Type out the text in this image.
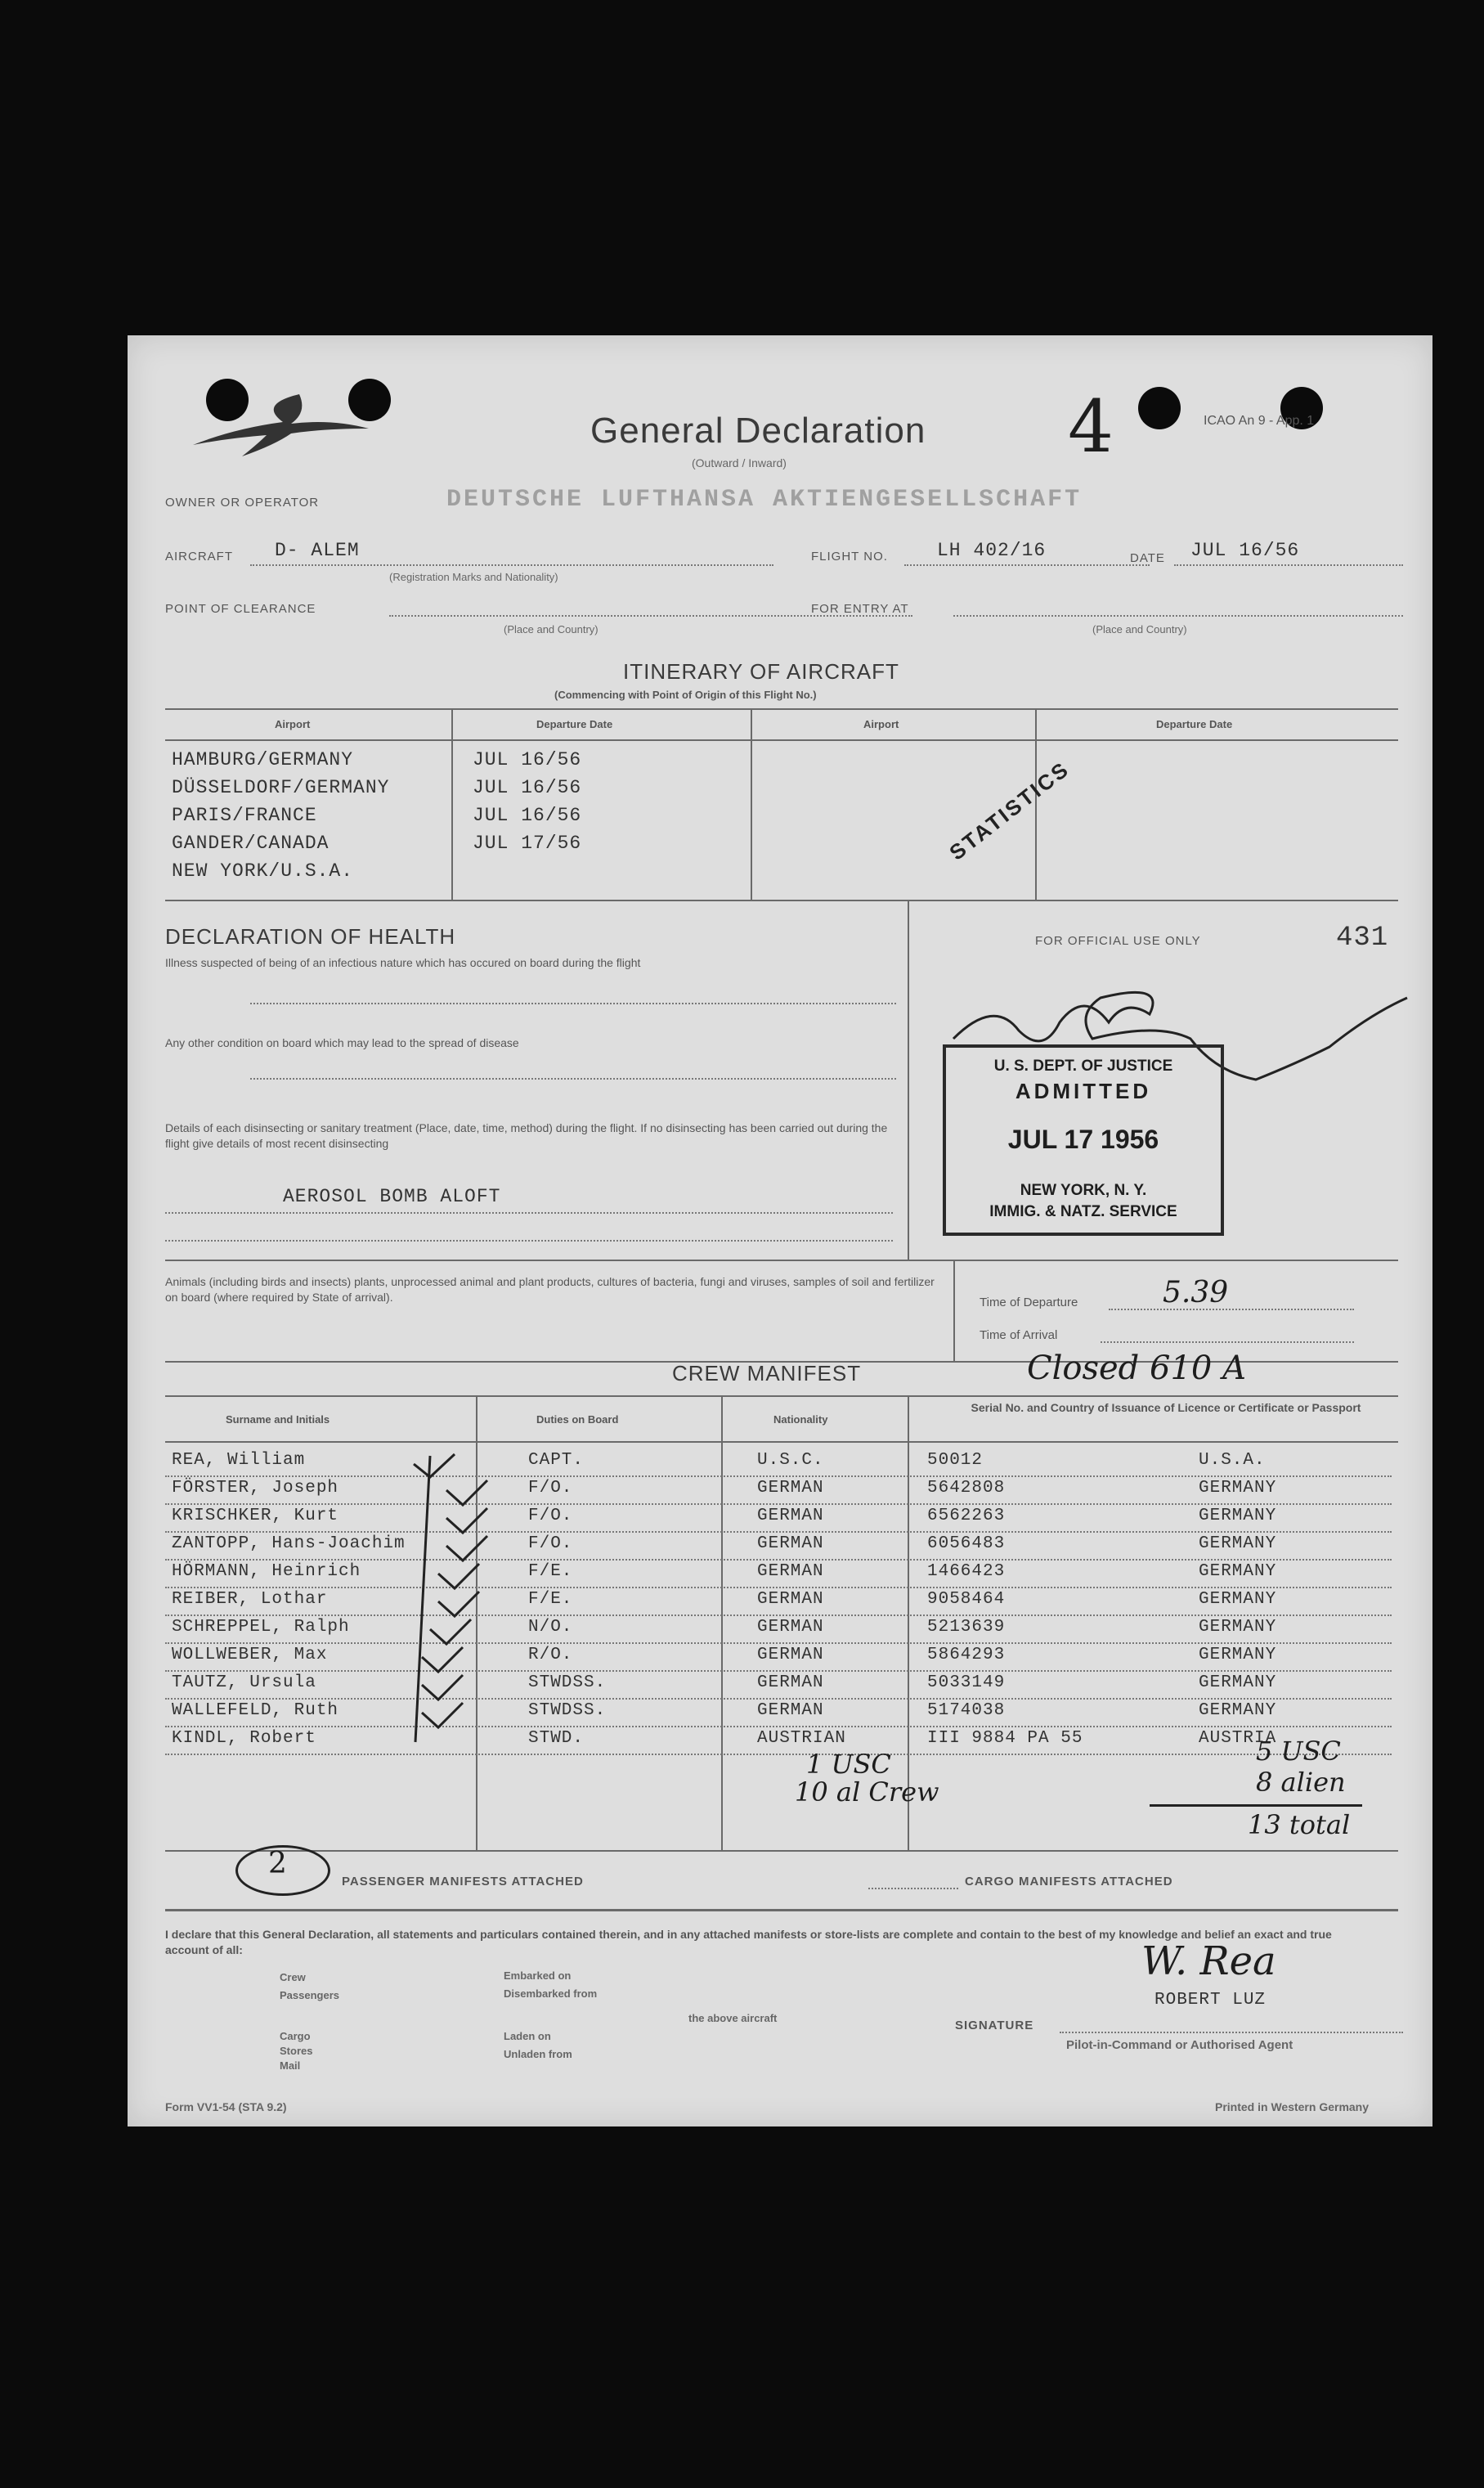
General Declaration
(Outward / Inward)
ICAO An 9 - App. 1
4
OWNER OR OPERATOR	DEUTSCHE LUFTHANSA AKTIENGESELLSCHAFT
AIRCRAFT D- ALEM
(Registration Marks and Nationality)
FLIGHT NO.	LH 402/16	DATE JUL 16/56
POINT OF CLEARANCE
(Place and Country)
FOR ENTRY AT
(Place and Country)
ITINERARY OF AIRCRAFT
(Commencing with Point of Origin of this Flight No.)
Airport	Departure Date	Airport	Departure Date
HAMBURG/GERMANY	JUL 16/56
DÜSSELDORF/GERMANY	JUL 16/56
PARIS/FRANCE	JUL 16/56
GANDER/CANADA	JUL 17/56
NEW YORK/U.S.A.
STATISTICS
DECLARATION OF HEALTH
Illness suspected of being of an infectious nature which has occured on board during the flight
Any other condition on board which may lead to the spread of disease
Details of each disinsecting or sanitary treatment (Place, date, time, method) during the flight. If no disinsecting has been carried out during the flight give details of most recent disinsecting
AEROSOL BOMB ALOFT
FOR OFFICIAL USE ONLY	431
U. S. DEPT. OF JUSTICE
ADMITTED
JUL 17 1956
NEW YORK, N. Y.
IMMIG. & NATZ. SERVICE
Animals (including birds and insects) plants, unprocessed animal and plant products, cultures of bacteria, fungi and viruses, samples of soil and fertilizer on board (where required by State of arrival).	Time of Departure	5.39
Time of Arrival
CREW MANIFEST	Closed 610 A
Surname and Initials	Duties on Board	Nationality
Serial No. and Country of Issuance of Licence or Certificate or Passport
REA, William	CAPT.	U.S.C.	50012	U.S.A.
FÖRSTER, Joseph	F/O.	GERMAN	5642808	GERMANY
KRISCHKER, Kurt	F/O.	GERMAN	6562263	GERMANY
ZANTOPP, Hans-Joachim	F/O.	GERMAN	6056483	GERMANY
HÖRMANN, Heinrich	F/E.	GERMAN	1466423	GERMANY
REIBER, Lothar	F/E.	GERMAN	9058464	GERMANY
SCHREPPEL, Ralph	N/O.	GERMAN	5213639	GERMANY
WOLLWEBER, Max	R/O.	GERMAN	5864293	GERMANY
TAUTZ, Ursula	STWDSS.	GERMAN	5033149	GERMANY
WALLEFELD, Ruth	STWDSS.	GERMAN	5174038	GERMANY
KINDL, Robert	STWD.	AUSTRIAN	III 9884 PA 55	AUSTRIA
1 USC
10 al Crew
5 USC
8 alien
13 total
2
PASSENGER MANIFESTS ATTACHED	CARGO MANIFESTS ATTACHED
I declare that this General Declaration, all statements and particulars contained therein, and in any attached manifests or store-lists are complete and contain to the best of my knowledge and belief an exact and true account of all:
Crew
Passengers
Cargo
Stores
Mail
Embarked on
Disembarked from
Laden on
Unladen from
the above aircraft
SIGNATURE
ROBERT LUZ
W. Rea
Pilot-in-Command or Authorised Agent
Form VV1-54 (STA 9.2)	Printed in Western Germany
